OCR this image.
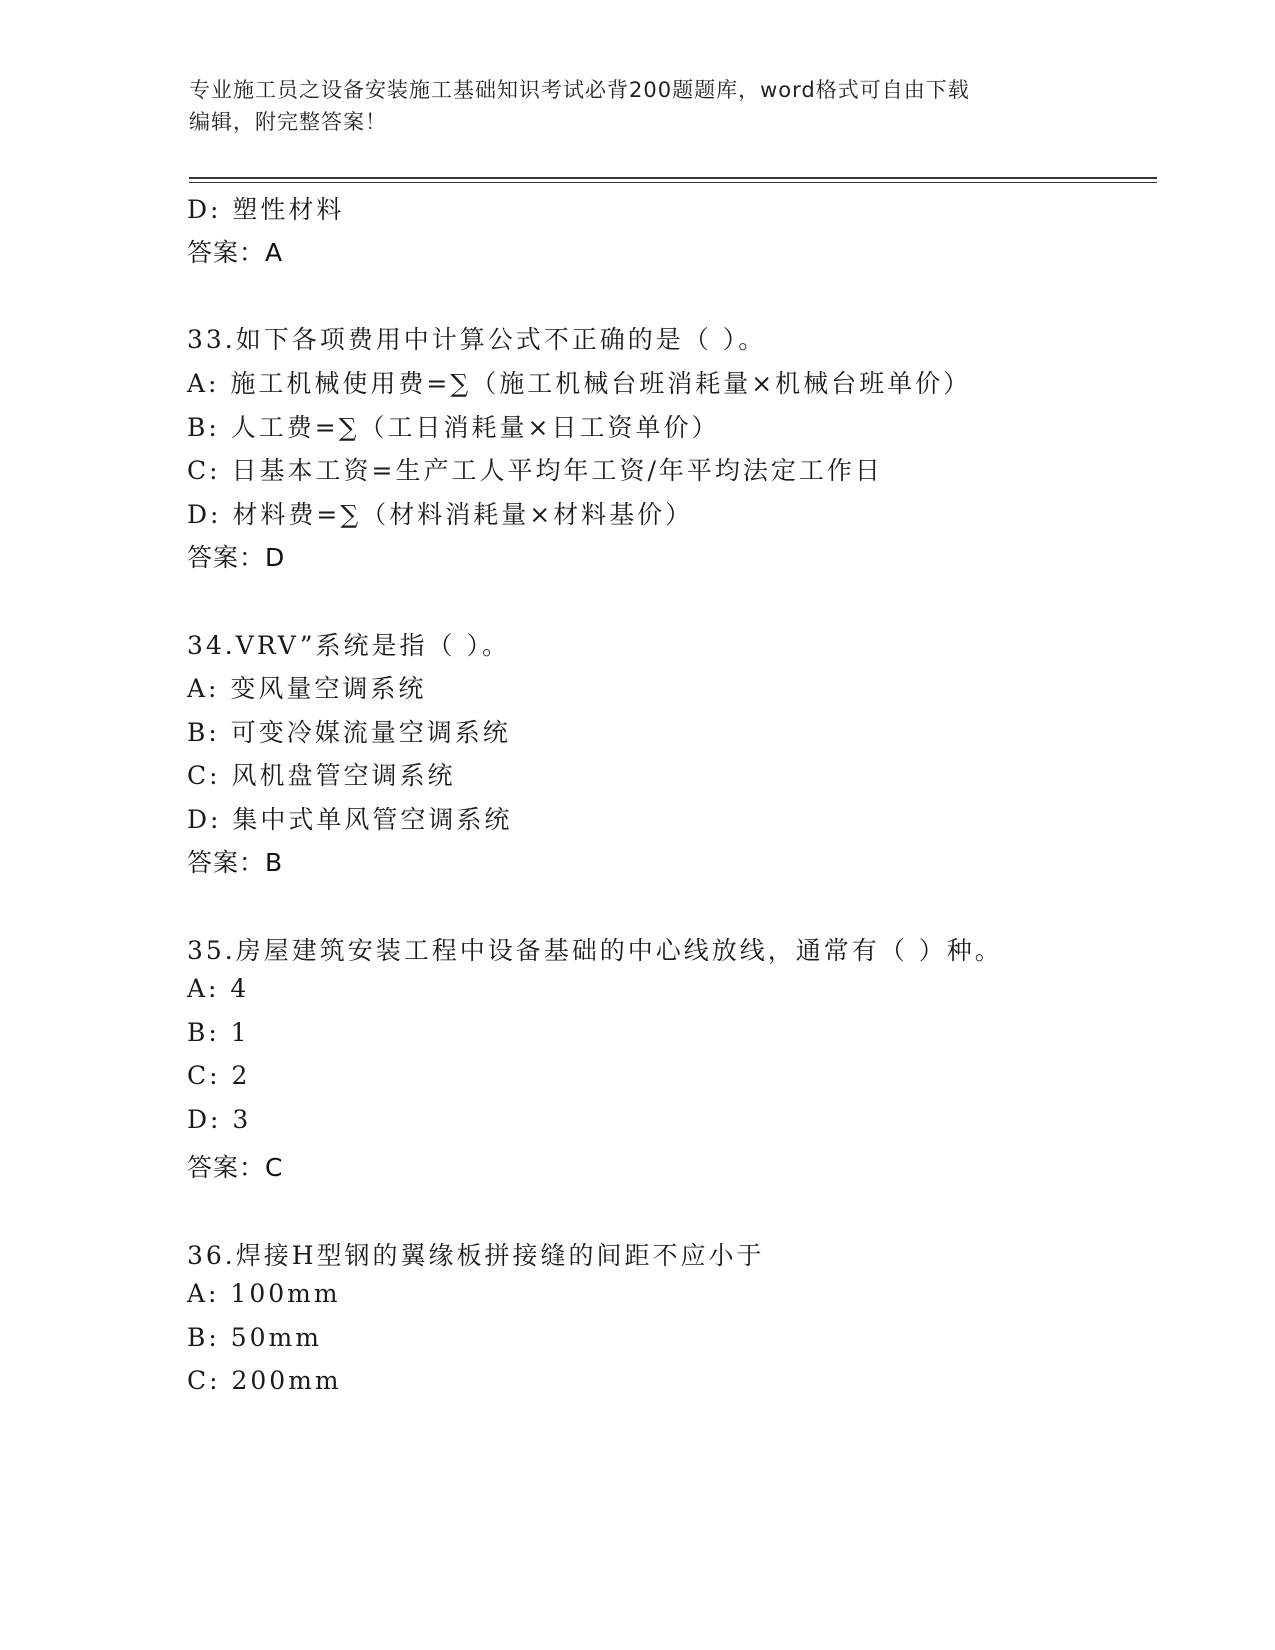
专业施工员之设备安装施工基础知识考试必背200题题库，word格式可自由下载
编辑，附完整答案！
D: 塑性材料
答案：A
33.如下各项费用中计算公式不正确的是（ ）。
A: 施工机械使用费=∑（施工机械台班消耗量×机械台班单价）
B: 人工费=∑（工日消耗量×日工资单价）
C: 日基本工资=生产工人平均年工资/年平均法定工作日
D: 材料费=∑（材料消耗量×材料基价）
答案：D
34.VRV”系统是指（ ）。
A: 变风量空调系统
B: 可变冷媒流量空调系统
C: 风机盘管空调系统
D: 集中式单风管空调系统
答案：B
35.房屋建筑安装工程中设备基础的中心线放线，通常有（ ）种。
A: 4
B: 1
C: 2
D: 3
答案：C
36.焊接H型钢的翼缘板拼接缝的间距不应小于
A: 100mm
B: 50mm
C: 200mm
